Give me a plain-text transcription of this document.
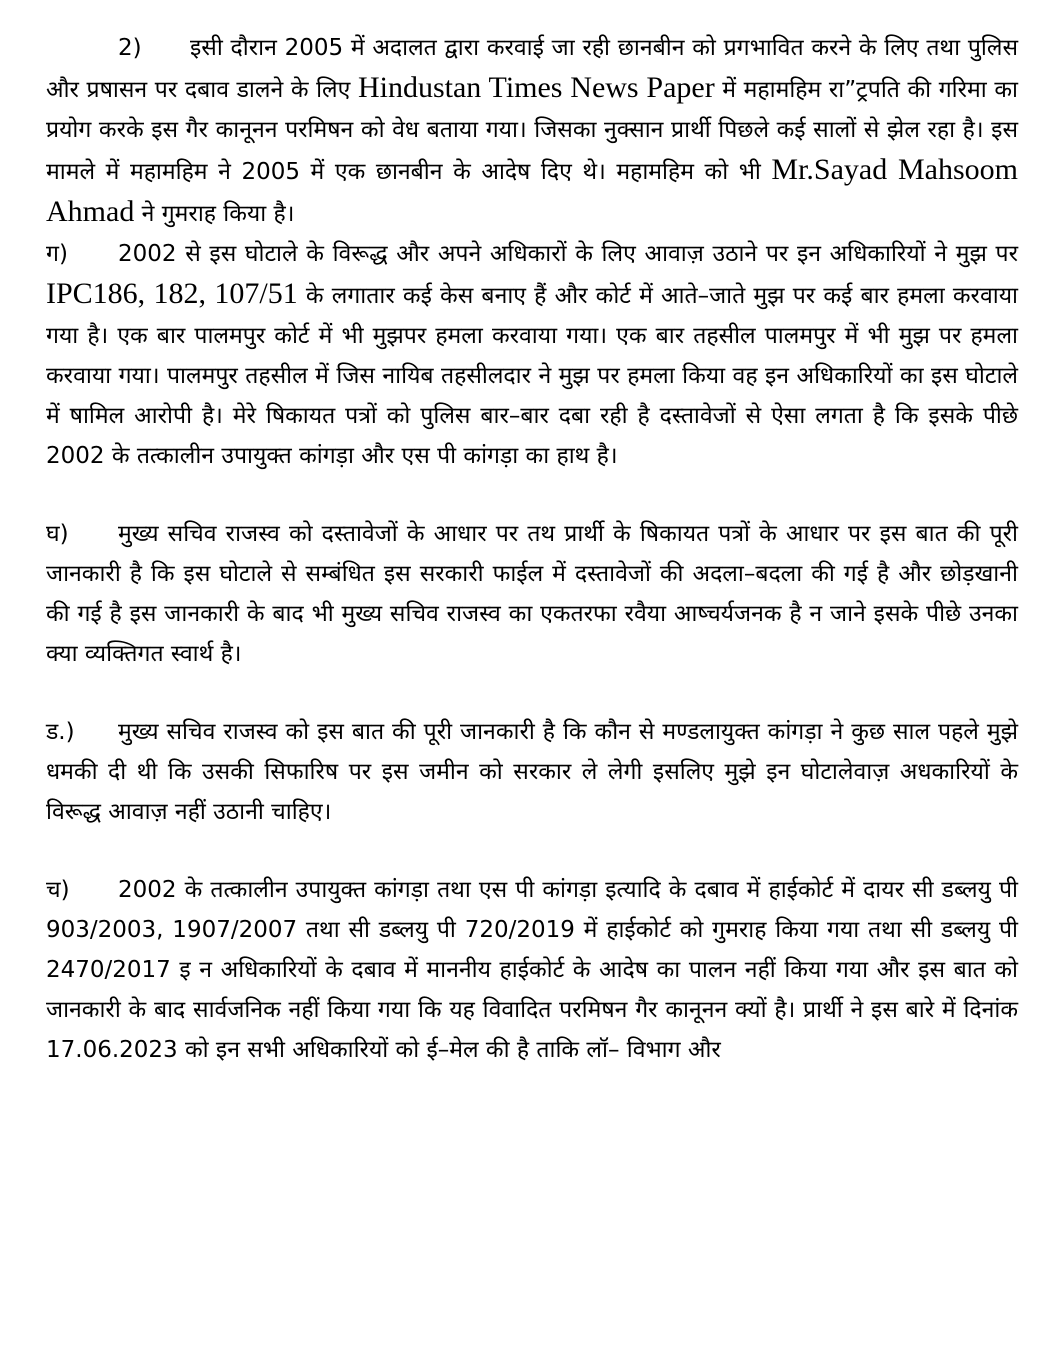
2) इसी दौरान 2005 में अदालत द्वारा करवाई जा रही छानबीन को प्रगभावित करने के लिए तथा पुलिस और प्रषासन पर दबाव डालने के लिए Hindustan Times News Paper में महामहिम रा”ट्रपति की गरिमा का प्रयोग करके इस गैर कानूनन परमिषन को वेध बताया गया। जिसका नुक्सान प्रार्थी पिछले कई सालों से झेल रहा है। इस मामले में महामहिम ने 2005 में एक छानबीन के आदेष दिए थे। महामहिम को भी Mr.Sayad Mahsoom Ahmad ने गुमराह किया है।

ग) 2002 से इस घोटाले के विरूद्ध और अपने अधिकारों के लिए आवाज़ उठाने पर इन अधिकारियों ने मुझ पर IPC186, 182, 107/51 के लगातार कई केस बनाए हैं और कोर्ट में आते–जाते मुझ पर कई बार हमला करवाया गया है। एक बार पालमपुर कोर्ट में भी मुझपर हमला करवाया गया। एक बार तहसील पालमपुर में भी मुझ पर हमला करवाया गया। पालमपुर तहसील में जिस नायिब तहसीलदार ने मुझ पर हमला किया वह इन अधिकारियों का इस घोटाले में षामिल आरोपी है। मेरे षिकायत पत्रों को पुलिस बार–बार दबा रही है दस्तावेजों से ऐसा लगता है कि इसके पीछे 2002 के तत्कालीन उपायुक्त कांगड़ा और एस पी कांगड़ा का हाथ है।

घ) मुख्य सचिव राजस्व को दस्तावेजों के आधार पर तथ प्रार्थी के षिकायत पत्रों के आधार पर इस बात की पूरी जानकारी है कि इस घोटाले से सम्बंधित इस सरकारी फाईल में दस्तावेजों की अदला–बदला की गई है और छोड़खानी की गई है इस जानकारी के बाद भी मुख्य सचिव राजस्व का एकतरफा रवैया आष्चर्यजनक है न जाने इसके पीछे उनका क्या व्यक्तिगत स्वार्थ है।

ड.) मुख्य सचिव राजस्व को इस बात की पूरी जानकारी है कि कौन से मण्डलायुक्त कांगड़ा ने कुछ साल पहले मुझे धमकी दी थी कि उसकी सिफारिष पर इस जमीन को सरकार ले लेगी इसलिए मुझे इन घोटालेवाज़ अधकारियों के विरूद्ध आवाज़ नहीं उठानी चाहिए।

च) 2002 के तत्कालीन उपायुक्त कांगड़ा तथा एस पी कांगड़ा इत्यादि के दबाव में हाईकोर्ट में दायर सी डब्लयु पी 903/2003, 1907/2007 तथा सी डब्लयु पी 720/2019 में हाईकोर्ट को गुमराह किया गया तथा सी डब्लयु पी 2470/2017 इ न अधिकारियों के दबाव में माननीय हाईकोर्ट के आदेष का पालन नहीं किया गया और इस बात को जानकारी के बाद सार्वजनिक नहीं किया गया कि यह विवादित परमिषन गैर कानूनन क्यों है। प्रार्थी ने इस बारे में दिनांक 17.06.2023 को इन सभी अधिकारियों को ई–मेल की है ताकि लॉ– विभाग और
